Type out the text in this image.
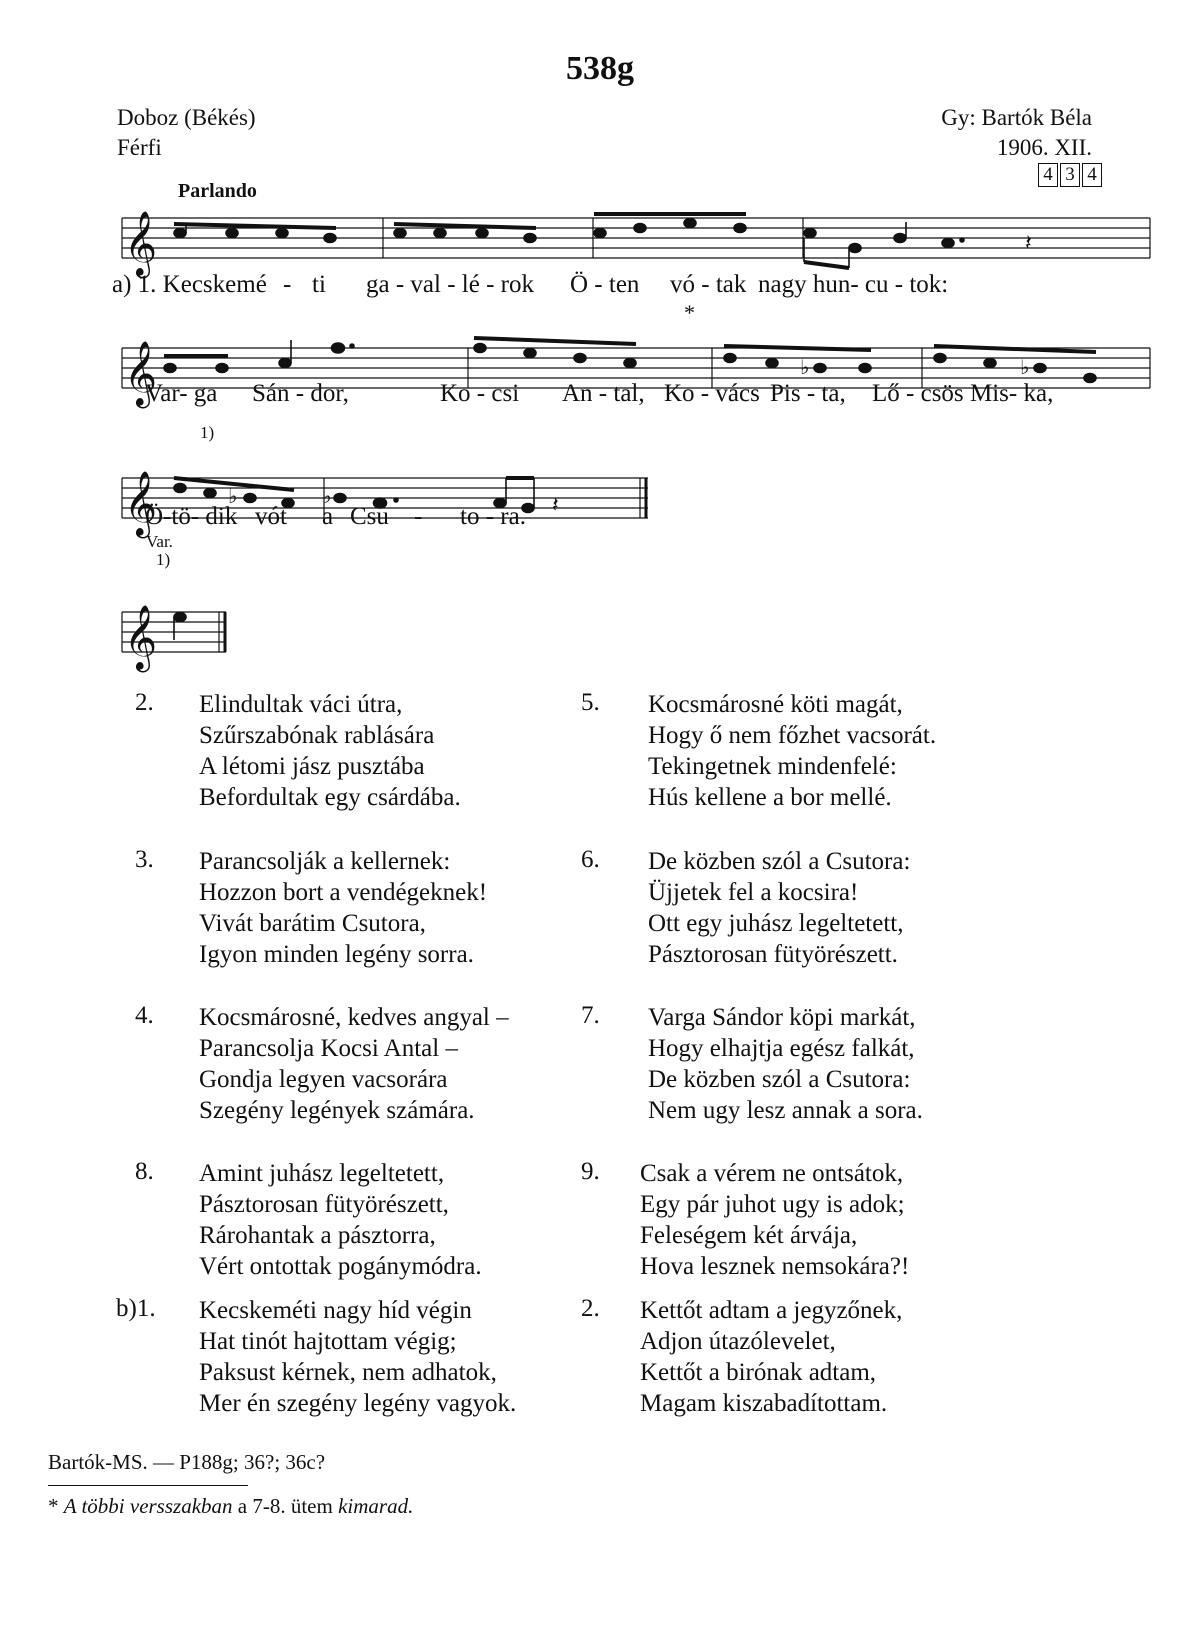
538g
Doboz (Békés)
Férfi
Gy: Bartók Béla
1906. XII.
4 3 4
Parlando
𝄞
𝄞
𝄞
𝄞
𝄽
♭	♭
♭	♭	𝄽
1)
*
Var.
1)
a) 1. Kecskemé - ti ga - val - lé - rok Ö - ten vó - tak nagy hun- cu - tok:
Var- ga Sán - dor,	Ko - csi An - tal, Ko - vács Pis - ta, Lő - csös Mis- ka,
Ö-tö- dik vót a Csu - to - ra.
2. Elindultak váci útra,
Szűrszabónak rablására
A létomi jász pusztába
Befordultak egy csárdába.
5. Kocsmárosné köti magát,
Hogy ő nem főzhet vacsorát.
Tekingetnek mindenfelé:
Hús kellene a bor mellé.
3. Parancsolják a kellernek:
Hozzon bort a vendégeknek!
Vivát barátim Csutora,
Igyon minden legény sorra.
6. De közben szól a Csutora:
Üjjetek fel a kocsira!
Ott egy juhász legeltetett,
Pásztorosan fütyörészett.
4. Kocsmárosné, kedves angyal –
Parancsolja Kocsi Antal –
Gondja legyen vacsorára
Szegény legények számára.
7. Varga Sándor köpi markát,
Hogy elhajtja egész falkát,
De közben szól a Csutora:
Nem ugy lesz annak a sora.
8. Amint juhász legeltetett,
Pásztorosan fütyörészett,
Rárohantak a pásztorra,
Vért ontottak pogánymódra.
9. Csak a vérem ne ontsátok,
Egy pár juhot ugy is adok;
Feleségem két árvája,
Hova lesznek nemsokára?!
b)1. Kecskeméti nagy híd végin
Hat tinót hajtottam végig;
Paksust kérnek, nem adhatok,
Mer én szegény legény vagyok.
2. Kettőt adtam a jegyzőnek,
Adjon útazólevelet,
Kettőt a birónak adtam,
Magam kiszabadítottam.
Bartók-MS. — P188g; 36?; 36c?
* A többi versszakban a 7-8. ütem kimarad.
